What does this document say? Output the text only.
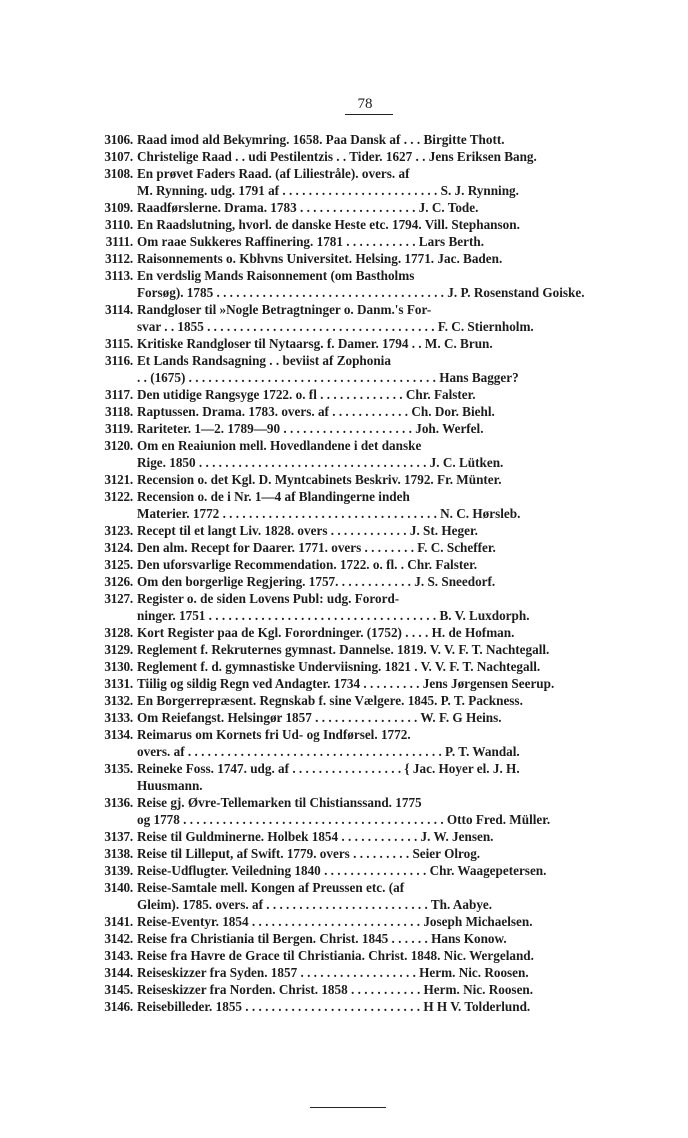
78
3106. Raad imod ald Bekymring. 1658. Paa Dansk af . . . Birgitte Thott.
3107. Christelige Raad . . udi Pestilentzis . . Tider. 1627 . . Jens Eriksen Bang.
3108. En prøvet Faders Raad. (af Liliestråle). overs. af
M. Rynning. udg. 1791 af . . . . . . . . . . . . . . . . . . . . . . . . S. J. Rynning.
3109. Raadførslerne. Drama. 1783 . . . . . . . . . . . . . . . . . . J. C. Tode.
3110. En Raadslutning, hvorl. de danske Heste etc. 1794. Vill. Stephanson.
3111. Om raae Sukkeres Raffinering. 1781 . . . . . . . . . . . Lars Berth.
3112. Raisonnements o. Kbhvns Universitet. Helsing. 1771. Jac. Baden.
3113. En verdslig Mands Raisonnement (om Bastholms
Forsøg). 1785 . . . . . . . . . . . . . . . . . . . . . . . . . . . . . . . . . . . J. P. Rosenstand Goiske.
3114. Randgloser til »Nogle Betragtninger o. Danm.'s For-
svar . . 1855 . . . . . . . . . . . . . . . . . . . . . . . . . . . . . . . . . . . F. C. Stiernholm.
3115. Kritiske Randgloser til Nytaarsg. f. Damer. 1794 . . M. C. Brun.
3116. Et Lands Randsagning . . beviist af Zophonia
. . (1675) . . . . . . . . . . . . . . . . . . . . . . . . . . . . . . . . . . . . . . Hans Bagger?
3117. Den utidige Rangsyge 1722. o. fl . . . . . . . . . . . . . Chr. Falster.
3118. Raptussen. Drama. 1783. overs. af . . . . . . . . . . . . Ch. Dor. Biehl.
3119. Rariteter. 1—2. 1789—90 . . . . . . . . . . . . . . . . . . . . Joh. Werfel.
3120. Om en Reaiunion mell. Hovedlandene i det danske
Rige. 1850 . . . . . . . . . . . . . . . . . . . . . . . . . . . . . . . . . . . J. C. Lütken.
3121. Recension o. det Kgl. D. Myntcabinets Beskriv. 1792. Fr. Münter.
3122. Recension o. de i Nr. 1—4 af Blandingerne indeh
Materier. 1772 . . . . . . . . . . . . . . . . . . . . . . . . . . . . . . . . . N. C. Hørsleb.
3123. Recept til et langt Liv. 1828. overs . . . . . . . . . . . . J. St. Heger.
3124. Den alm. Recept for Daarer. 1771. overs . . . . . . . . F. C. Scheffer.
3125. Den uforsvarlige Recommendation. 1722. o. fl. . Chr. Falster.
3126. Om den borgerlige Regjering. 1757. . . . . . . . . . . . J. S. Sneedorf.
3127. Register o. de siden Lovens Publ: udg. Forord-
ninger. 1751 . . . . . . . . . . . . . . . . . . . . . . . . . . . . . . . . . . . B. V. Luxdorph.
3128. Kort Register paa de Kgl. Forordninger. (1752) . . . . H. de Hofman.
3129. Reglement f. Rekruternes gymnast. Dannelse. 1819. V. V. F. T. Nachtegall.
3130. Reglement f. d. gymnastiske Underviisning. 1821 . V. V. F. T. Nachtegall.
3131. Tiilig og sildig Regn ved Andagter. 1734 . . . . . . . . . Jens Jørgensen Seerup.
3132. En Borgerrepræsent. Regnskab f. sine Vælgere. 1845. P. T. Packness.
3133. Om Reiefangst. Helsingør 1857 . . . . . . . . . . . . . . . . W. F. G Heins.
3134. Reimarus om Kornets fri Ud- og Indførsel. 1772.
overs. af . . . . . . . . . . . . . . . . . . . . . . . . . . . . . . . . . . . . . . . P. T. Wandal.
3135. Reineke Foss. 1747. udg. af . . . . . . . . . . . . . . . . . { Jac. Hoyer el. J. H.
Huusmann.
3136. Reise gj. Øvre-Tellemarken til Chistianssand. 1775
og 1778 . . . . . . . . . . . . . . . . . . . . . . . . . . . . . . . . . . . . . . . . Otto Fred. Müller.
3137. Reise til Guldminerne. Holbek 1854 . . . . . . . . . . . . J. W. Jensen.
3138. Reise til Lilleput, af Swift. 1779. overs . . . . . . . . . Seier Olrog.
3139. Reise-Udflugter. Veiledning 1840 . . . . . . . . . . . . . . . . Chr. Waagepetersen.
3140. Reise-Samtale mell. Kongen af Preussen etc. (af
Gleim). 1785. overs. af . . . . . . . . . . . . . . . . . . . . . . . . . Th. Aabye.
3141. Reise-Eventyr. 1854 . . . . . . . . . . . . . . . . . . . . . . . . . . Joseph Michaelsen.
3142. Reise fra Christiania til Bergen. Christ. 1845 . . . . . . Hans Konow.
3143. Reise fra Havre de Grace til Christiania. Christ. 1848. Nic. Wergeland.
3144. Reiseskizzer fra Syden. 1857 . . . . . . . . . . . . . . . . . . Herm. Nic. Roosen.
3145. Reiseskizzer fra Norden. Christ. 1858 . . . . . . . . . . . Herm. Nic. Roosen.
3146. Reisebilleder. 1855 . . . . . . . . . . . . . . . . . . . . . . . . . . . H H V. Tolderlund.
